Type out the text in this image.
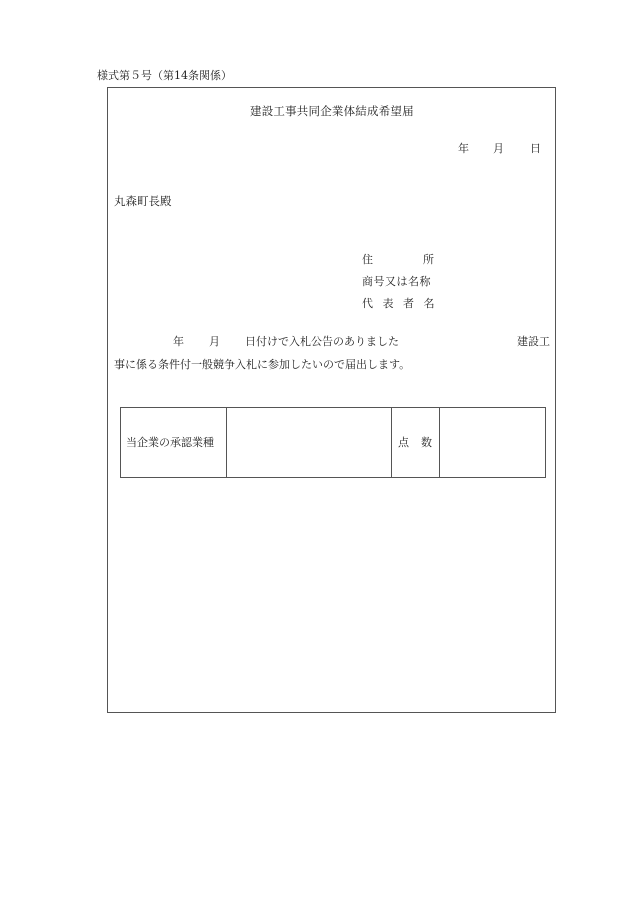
様式第５号（第14条関係）
建設工事共同企業体結成希望届
年 月 日
丸森町長殿
住	所
商号又は名称
代 表 者 名
年 月 日付けで入札公告のありました	建設工
事に係る条件付一般競争入札に参加したいので届出します。
当企業の承認業種	点 数
